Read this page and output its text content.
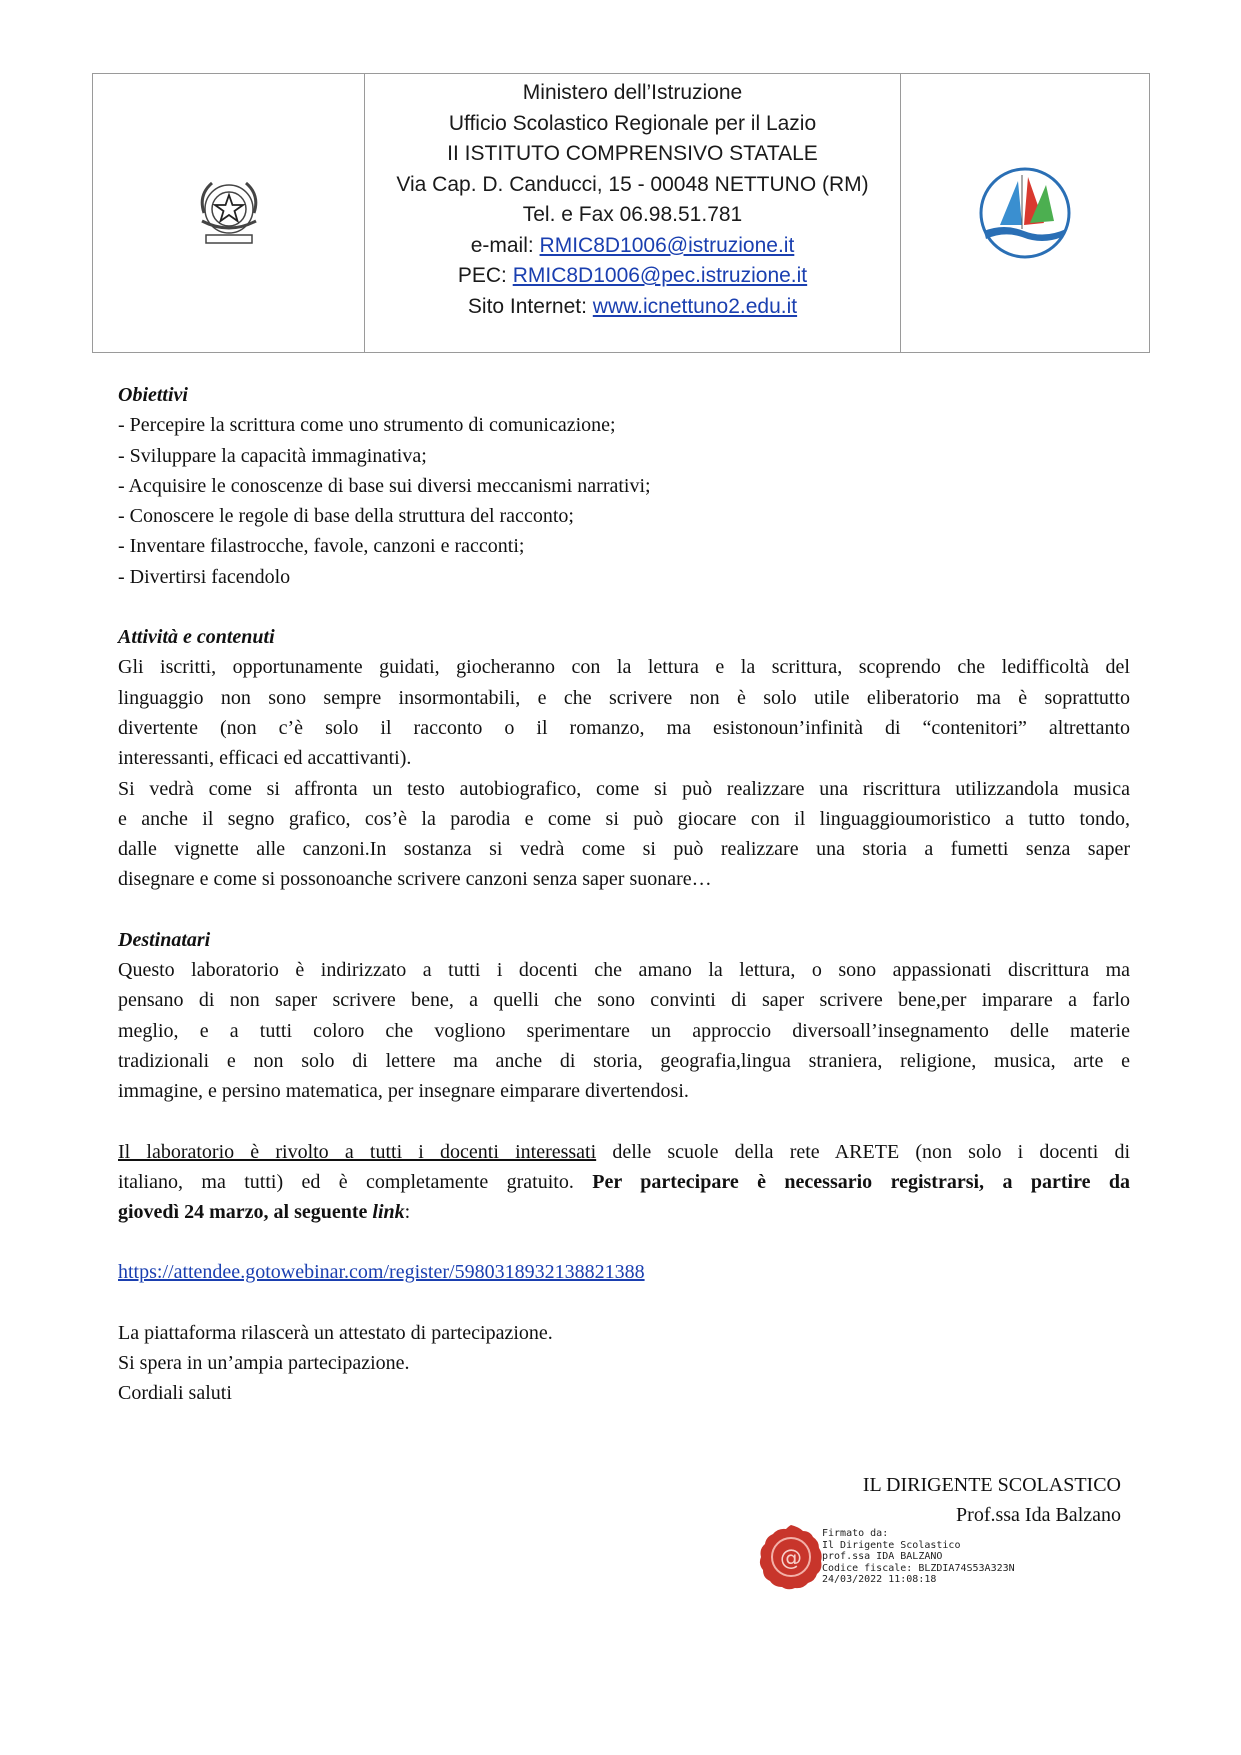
Ministero dell’Istruzione
Ufficio Scolastico Regionale per il Lazio
II ISTITUTO COMPRENSIVO STATALE
Via Cap. D. Canducci, 15 - 00048 NETTUNO (RM)
Tel. e Fax 06.98.51.781
e-mail: RMIC8D1006@istruzione.it
PEC: RMIC8D1006@pec.istruzione.it
Sito Internet: www.icnettuno2.edu.it
Obiettivi
- Percepire la scrittura come uno strumento di comunicazione;
- Sviluppare la capacità immaginativa;
- Acquisire le conoscenze di base sui diversi meccanismi narrativi;
- Conoscere le regole di base della struttura del racconto;
- Inventare filastrocche, favole, canzoni e racconti;
- Divertirsi facendolo
Attività e contenuti
Gli iscritti, opportunamente guidati, giocheranno con la lettura e la scrittura, scoprendo che ledifficoltà del
linguaggio non sono sempre insormontabili, e che scrivere non è solo utile eliberatorio ma è soprattutto
divertente (non c’è solo il racconto o il romanzo, ma esistonoun’infinità di “contenitori” altrettanto
interessanti, efficaci ed accattivanti).
Si vedrà come si affronta un testo autobiografico, come si può realizzare una riscrittura utilizzandola musica
e anche il segno grafico, cos’è la parodia e come si può giocare con il linguaggioumoristico a tutto tondo,
dalle vignette alle canzoni.In sostanza si vedrà come si può realizzare una storia a fumetti senza saper
disegnare e come si possonoanche scrivere canzoni senza saper suonare…
Destinatari
Questo laboratorio è indirizzato a tutti i docenti che amano la lettura, o sono appassionati discrittura ma
pensano di non saper scrivere bene, a quelli che sono convinti di saper scrivere bene,per imparare a farlo
meglio, e a tutti coloro che vogliono sperimentare un approccio diversoall’insegnamento delle materie
tradizionali e non solo di lettere ma anche di storia, geografia,lingua straniera, religione, musica, arte e
immagine, e persino matematica, per insegnare eimparare divertendosi.
Il laboratorio è rivolto a tutti i docenti interessati delle scuole della rete ARETE (non solo i docenti di
italiano, ma tutti) ed è completamente gratuito. Per partecipare è necessario registrarsi, a partire da
giovedì 24 marzo, al seguente link:
https://attendee.gotowebinar.com/register/5980318932138821388
La piattaforma rilascerà un attestato di partecipazione.
Si spera in un’ampia partecipazione.
Cordiali saluti
IL DIRIGENTE SCOLASTICO
Prof.ssa Ida Balzano
@
Firmato da:
Il Dirigente Scolastico
prof.ssa IDA BALZANO
Codice fiscale: BLZDIA74S53A323N
24/03/2022 11:08:18
